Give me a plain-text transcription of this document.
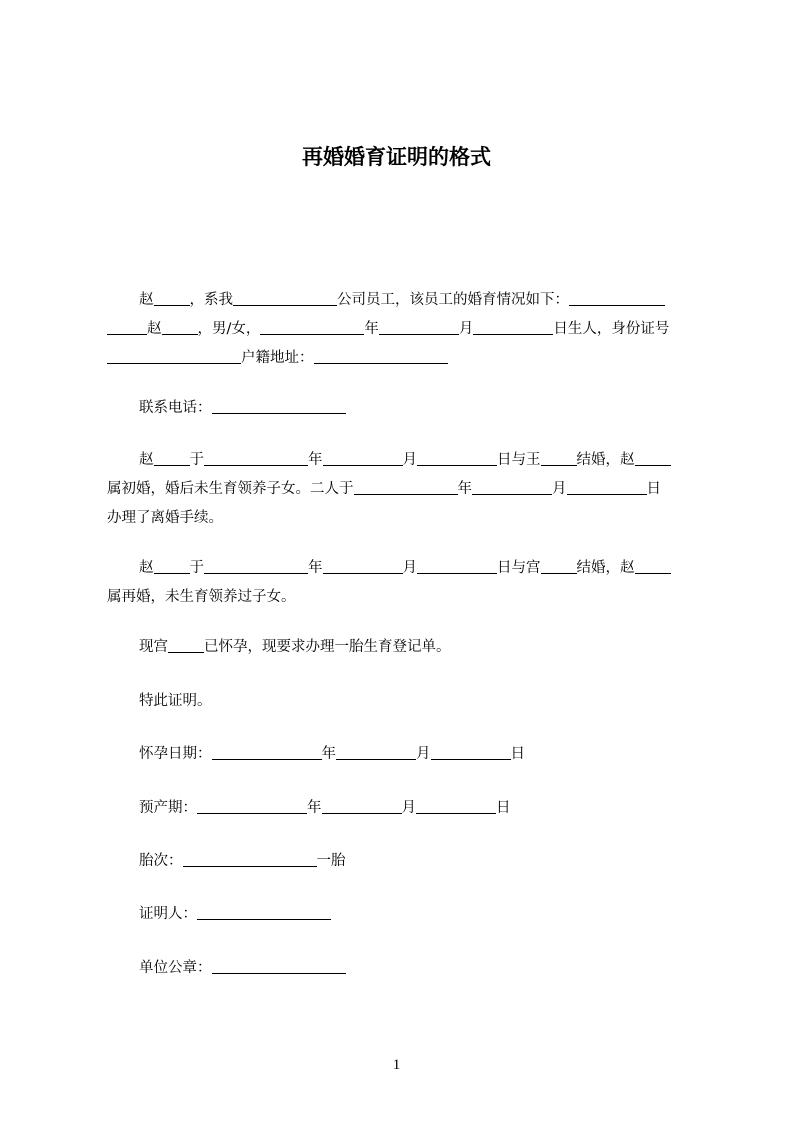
再婚婚育证明的格式
赵 ，系我	公司员工，该员工的婚育情况如下：
赵 ，男/女，	年	月	日生人，身份证号
户籍地址：
联系电话：
赵 于	年	月	日与王 结婚，赵
属初婚，婚后未生育领养子女。二人于	年	月	日
办理了离婚手续。
赵 于	年	月	日与宫 结婚，赵
属再婚，未生育领养过子女。
现宫 已怀孕，现要求办理一胎生育登记单。
特此证明。
怀孕日期：	年	月	日
预产期：	年	月	日
胎次：	一胎
证明人：
单位公章：
1
